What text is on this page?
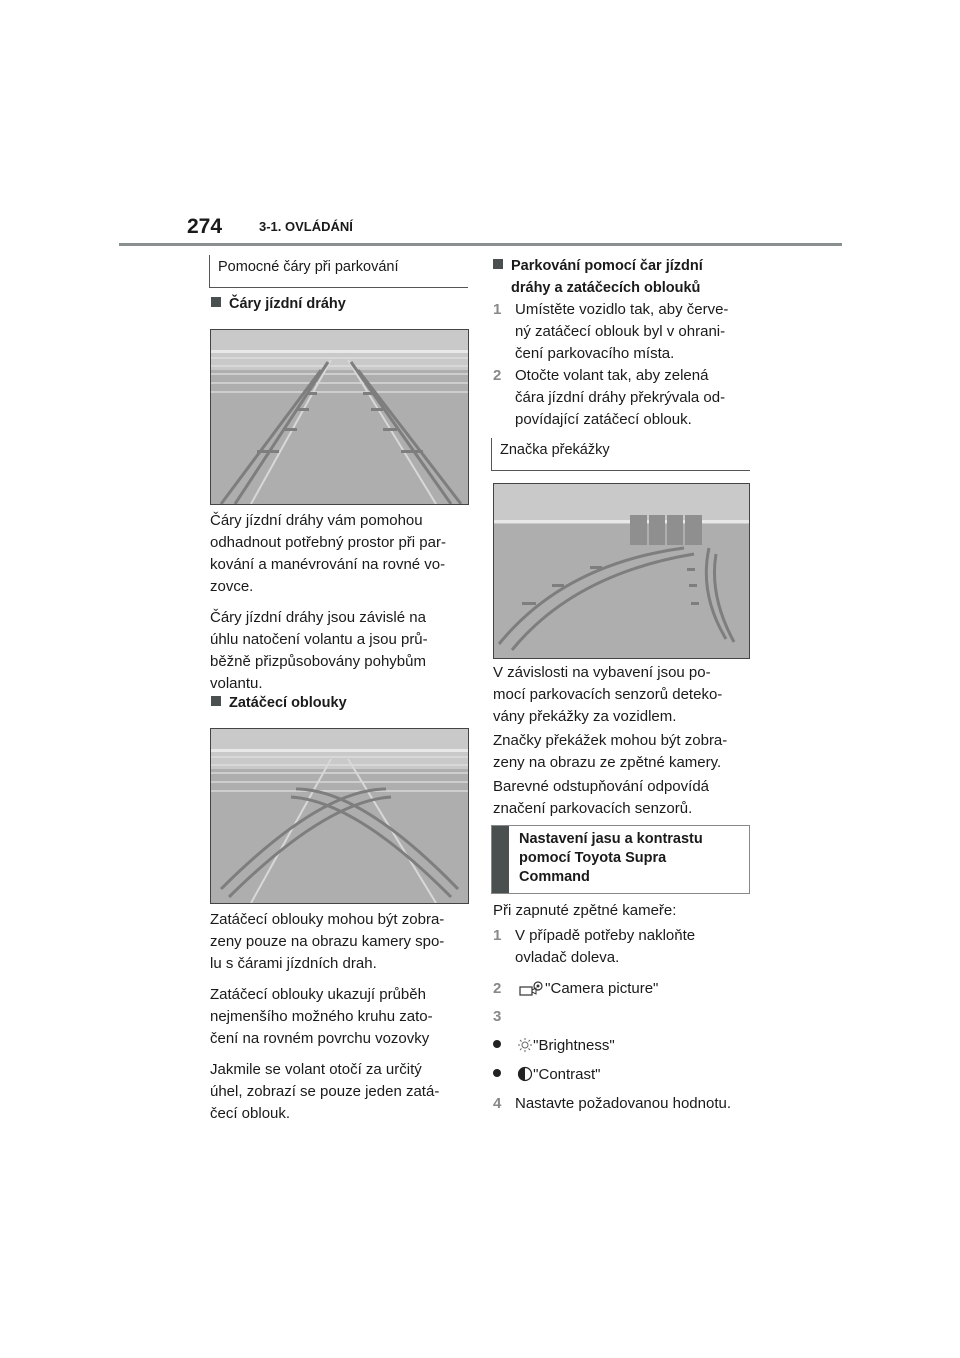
274	3-1. OVLÁDÁNÍ
Pomocné čáry při parkování
Čáry jízdní dráhy

Čáry jízdní dráhy vám pomohou

odhadnout potřebný prostor při par-

kování a manévrování na rovné vo-

zovce.

Čáry jízdní dráhy jsou závislé na

úhlu natočení volantu a jsou prů-

běžně přizpůsobovány pohybům

volantu.

Zatáčecí oblouky

Zatáčecí oblouky mohou být zobra-

zeny pouze na obrazu kamery spo-

lu s čárami jízdních drah.

Zatáčecí oblouky ukazují průběh

nejmenšího možného kruhu zato-

čení na rovném povrchu vozovky

Jakmile se volant otočí za určitý

úhel, zobrazí se pouze jeden zatá-

čecí oblouk.

Parkování pomocí čar jízdní
dráhy a zatáčecích oblouků
1 Umístěte vozidlo tak, aby červe-
ný zatáčecí oblouk byl v ohrani-
čení parkovacího místa.
2 Otočte volant tak, aby zelená
čára jízdní dráhy překrývala od-
povídající zatáčecí oblouk.
Značka překážky

V závislosti na vybavení jsou po-

mocí parkovacích senzorů deteko-

vány překážky za vozidlem.

Značky překážek mohou být zobra-

zeny na obrazu ze zpětné kamery.

Barevné odstupňování odpovídá

značení parkovacích senzorů.

Nastavení jasu a kontrastu
pomocí Toyota Supra
Command

Při zapnuté zpětné kameře:

1 V případě potřeby nakloňte
ovladač doleva.
2	"Camera picture"
3
"Brightness"
"Contrast"
4 Nastavte požadovanou hodnotu.
